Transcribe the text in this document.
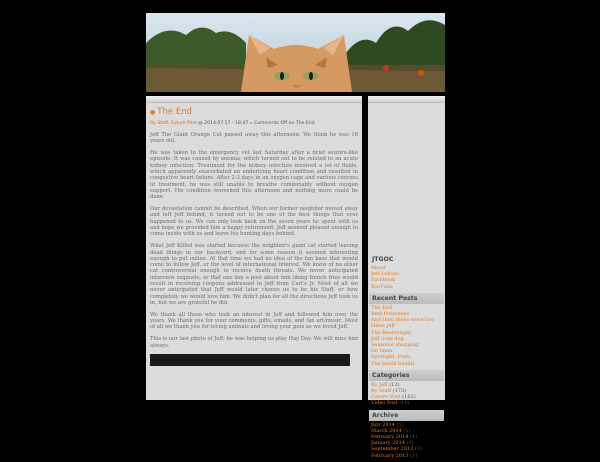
● The End
By Staff, Future Post @ 2014.07.17 - 18:47 » Comments Off on The End

Jeff The Giant Orange Cat passed away this afternoon. We think he was 16 years old.

He was taken to the emergency vet last Saturday after a brief seizure-like episode. It was caused by anemia, which turned out to be related to an acute kidney infection. Treatment for the kidney infection involved a lot of fluids, which apparently exacerbated an underlying heart condition and resulted in congestive heart failure. After 2-3 days in an oxygen cage and various courses of treatment, he was still unable to breathe comfortably without oxygen support. His condition worsened this afternoon and nothing more could be done.

Our devastation cannot be described. When our former neighbor moved away and left Jeff behind, it turned out to be one of the best things that ever happened to us. We can only look back on the seven years he spent with us and hope we provided him a happy retirement. Jeff seemed pleased enough to come inside with us and leave his hunting days behind.

What Jeff Killed was started because the neighbor's giant cat started leaving dead things in our backyard, and for some reason it seemed interesting enough to put online. At that time we had no idea of the fan base that would come to follow Jeff, or the level of international interest. We know of no other cat controversial enough to receive death threats. We never anticipated interview requests, or that one day a post about him liking french fries would result in receiving coupons addressed to Jeff from Carl's Jr. Most of all we never anticipated that Jeff would later choose us to be his Staff, or how completely we would love him. We didn't plan for all the directions Jeff took us in, but we are grateful he did.

We thank all those who took an interest in Jeff and followed him over the years. We thank you for your comments, gifts, emails, and fan art/music. Most of all we thank you for loving animals and loving your pets as we loved Jeff.

This is our last photo of Jeff; he was helping us play Hay Day. We will miss him always.

JTGOC
About
Jeff Lolcats
Facebook
YouTube
Recent Posts
The End
Best frenemies
And then there were two
Hires Jeff
The Bearranger
Jeff licks dog
Seasonal shopping
Go team
Spotlight: Posts
The booth bandit
Categories
By Jeff (12)
By Staff (173)
Future Post (162)
Video Post (16)
Archive
July 2014 (1)
March 2014 (1)
February 2014 (1)
January 2014 (1)
September 2013 (1)
February 2013 (1)
